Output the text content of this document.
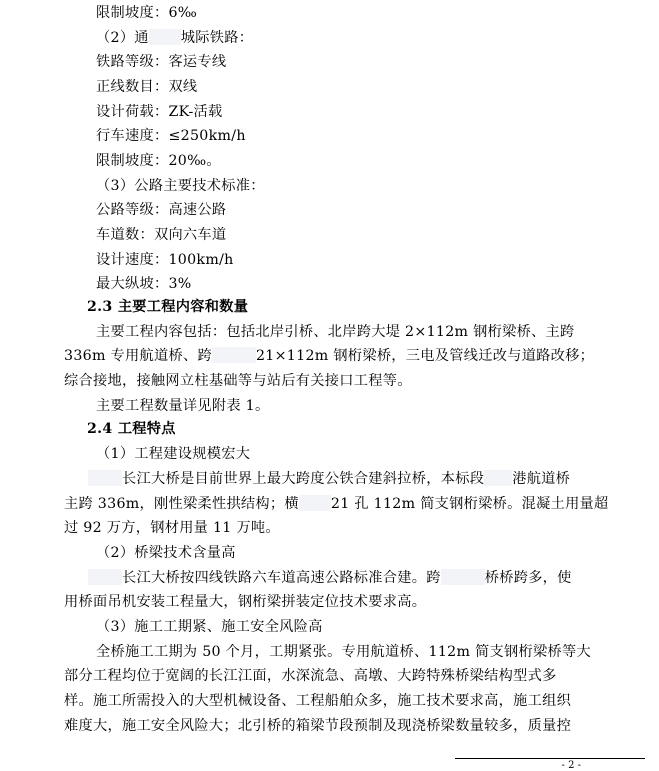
限制坡度：6‰
（2）通 城际铁路：
铁路等级：客运专线
正线数目：双线
设计荷载：ZK-活载
行车速度：≤250km/h
限制坡度：20‰。
（3）公路主要技术标准：
公路等级：高速公路
车道数：双向六车道
设计速度：100km/h
最大纵坡：3%
2.3 主要工程内容和数量
主要工程内容包括：包括北岸引桥、北岸跨大堤 2×112m 钢桁梁桥、主跨
336m 专用航道桥、跨	21×112m 钢桁梁桥，三电及管线迁改与道路改移；
综合接地，接触网立柱基础等与站后有关接口工程等。
主要工程数量详见附表 1。
2.4 工程特点
（1）工程建设规模宏大
长江大桥是目前世界上最大跨度公铁合建斜拉桥，本标段 港航道桥
主跨 336m，刚性梁柔性拱结构；横 21 孔 112m 简支钢桁梁桥。混凝土用量超
过 92 万方，钢材用量 11 万吨。
（2）桥梁技术含量高
长江大桥按四线铁路六车道高速公路标准合建。跨	桥桥跨多，使
用桥面吊机安装工程量大，钢桁梁拼装定位技术要求高。
（3）施工工期紧、施工安全风险高
全桥施工工期为 50 个月，工期紧张。专用航道桥、112m 简支钢桁梁桥等大
部分工程均位于宽阔的长江江面，水深流急、高墩、大跨特殊桥梁结构型式多
样。施工所需投入的大型机械设备、工程船舶众多，施工技术要求高，施工组织
难度大，施工安全风险大；北引桥的箱梁节段预制及现浇桥梁数量较多，质量控
- 2 -
